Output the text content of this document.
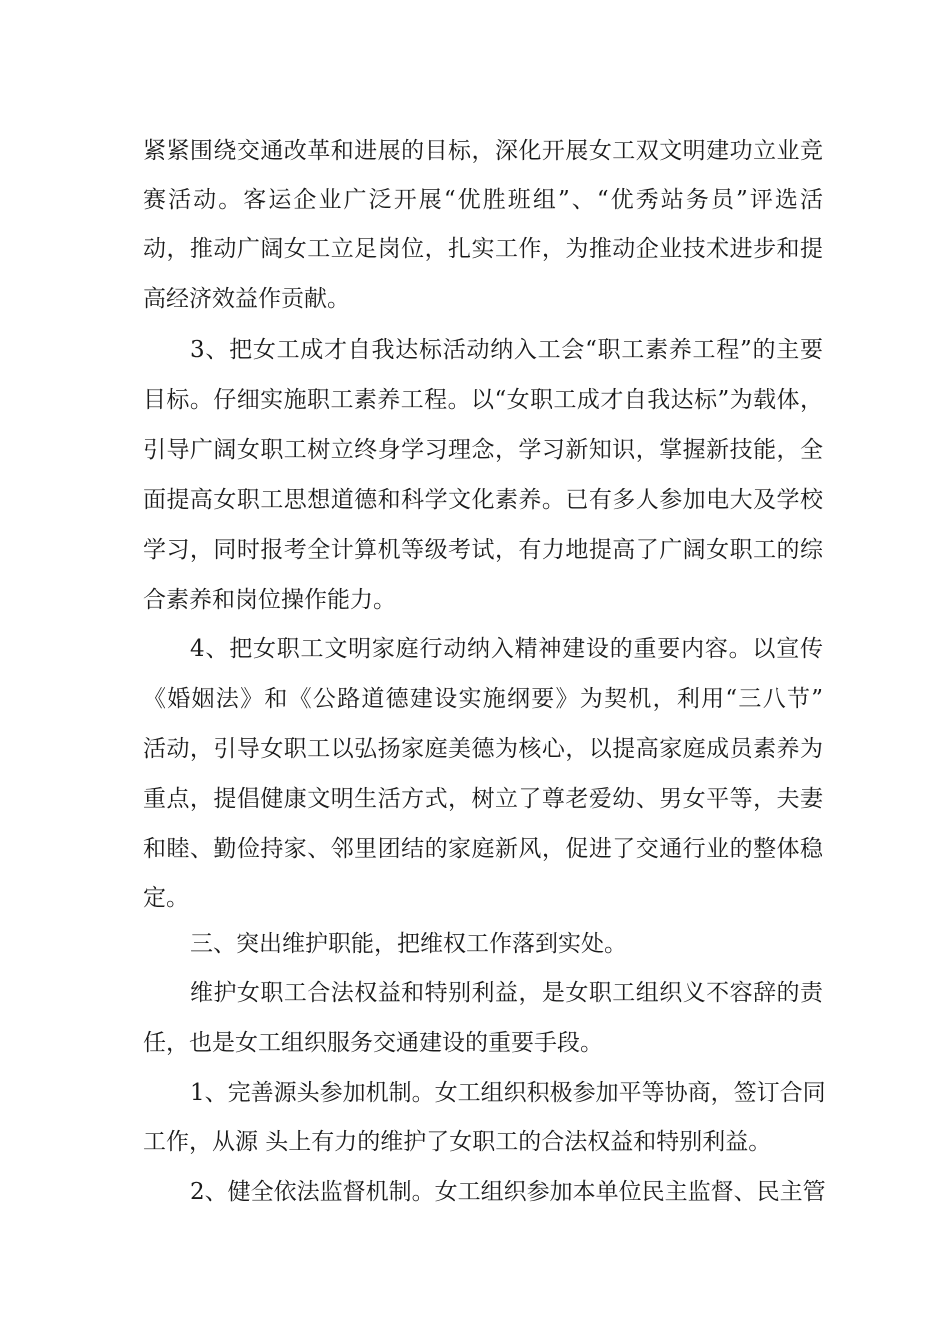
紧紧围绕交通改革和进展的目标，深化开展女工双文明建功立业竞
赛活动。客运企业广泛开展“优胜班组”、“优秀站务员”评选活
动，推动广阔女工立足岗位，扎实工作，为推动企业技术进步和提
高经济效益作贡献。
3、把女工成才自我达标活动纳入工会“职工素养工程”的主要
目标。仔细实施职工素养工程。以“女职工成才自我达标”为载体，
引导广阔女职工树立终身学习理念，学习新知识，掌握新技能，全
面提高女职工思想道德和科学文化素养。已有多人参加电大及学校
学习，同时报考全计算机等级考试，有力地提高了广阔女职工的综
合素养和岗位操作能力。
4、把女职工文明家庭行动纳入精神建设的重要内容。以宣传
《婚姻法》和《公路道德建设实施纲要》为契机，利用“三八节”
活动，引导女职工以弘扬家庭美德为核心，以提高家庭成员素养为
重点，提倡健康文明生活方式，树立了尊老爱幼、男女平等，夫妻
和睦、勤俭持家、邻里团结的家庭新风，促进了交通行业的整体稳
定。
三、突出维护职能，把维权工作落到实处。
维护女职工合法权益和特别利益，是女职工组织义不容辞的责
任，也是女工组织服务交通建设的重要手段。
1、完善源头参加机制。女工组织积极参加平等协商，签订合同
工作，从源 头上有力的维护了女职工的合法权益和特别利益。
2、健全依法监督机制。女工组织参加本单位民主监督、民主管
